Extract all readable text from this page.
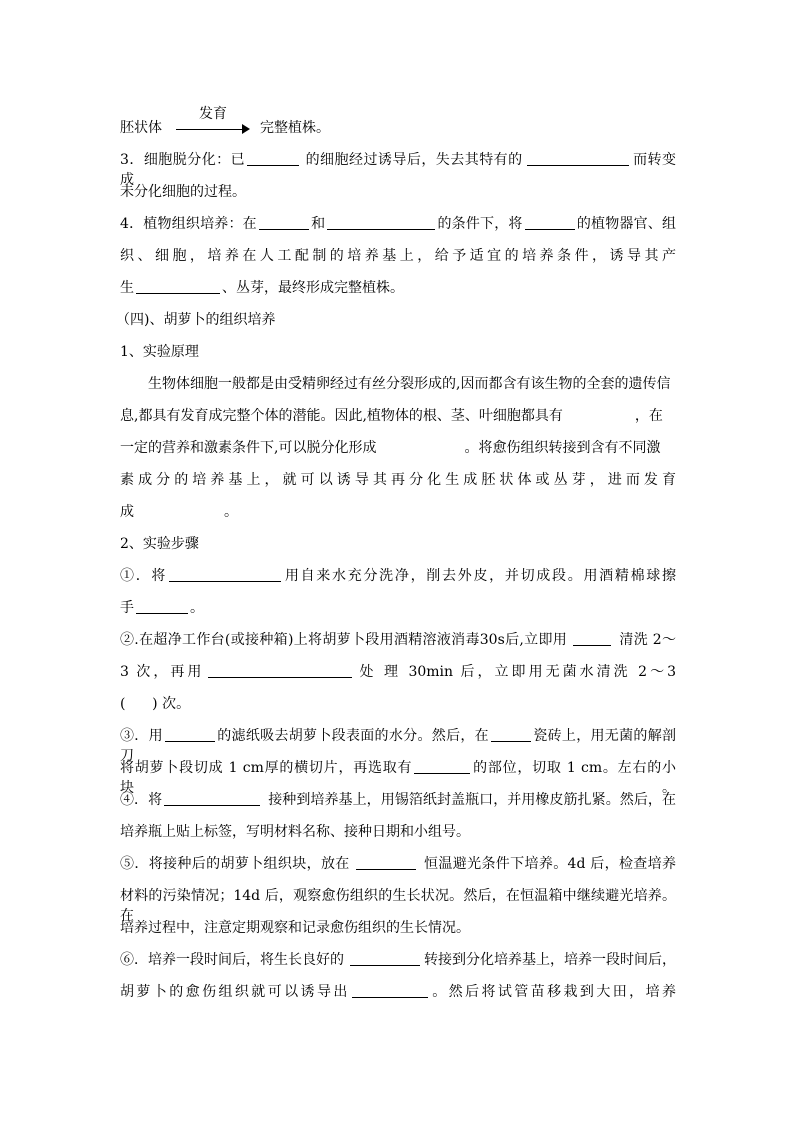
胚状体
发育
完整植株。
3．细胞脱分化：已	的细胞经过诱导后，失去其特有的	而转变成
未分化细胞的过程。
4．植物组织培养：在	和	的条件下，将	的植物器官、组
织、细胞，培养在人工配制的培养基上，给予适宜的培养条件，诱导其产
生	、丛芽，最终形成完整植株。
（四)、胡萝卜的组织培养
1、实验原理
生物体细胞一般都是由受精卵经过有丝分裂形成的,因而都含有该生物的全套的遗传信
息,都具有发育成完整个体的潜能。因此,植物体的根、茎、叶细胞都具有	，在
一定的营养和激素条件下,可以脱分化形成	。将愈伤组织转接到含有不同激
素成分的培养基上，就可以诱导其再分化生成胚状体或丛芽，进而发育
成	。
2、实验步骤
①．将	用自来水充分洗净，削去外皮，并切成段。用酒精棉球擦
手	。
②.在超净工作台(或接种箱)上将胡萝卜段用酒精溶液消毒30s后,立即用	清洗 2～
3 次，再用	处 理 30min 后，立即用无菌水清洗 2～3
(      ) 次。
③．用	的滤纸吸去胡萝卜段表面的水分。然后，在	瓷砖上，用无菌的解剖刀
将胡萝卜段切成 1 cm厚的横切片，再选取有	的部位，切取 1 cm。左右的小块。
④．将	接种到培养基上，用锡箔纸封盖瓶口，并用橡皮筋扎紧。然后，在
培养瓶上贴上标签，写明材料名称、接种日期和小组号。
⑤．将接种后的胡萝卜组织块，放在	恒温避光条件下培养。4d 后，检查培养
材料的污染情况；14d 后，观察愈伤组织的生长状况。然后，在恒温箱中继续避光培养。在
培养过程中，注意定期观察和记录愈伤组织的生长情况。
⑥．培养一段时间后，将生长良好的	转接到分化培养基上，培养一段时间后，
胡萝卜的愈伤组织就可以诱导出	。然后将试管苗移栽到大田，培养
